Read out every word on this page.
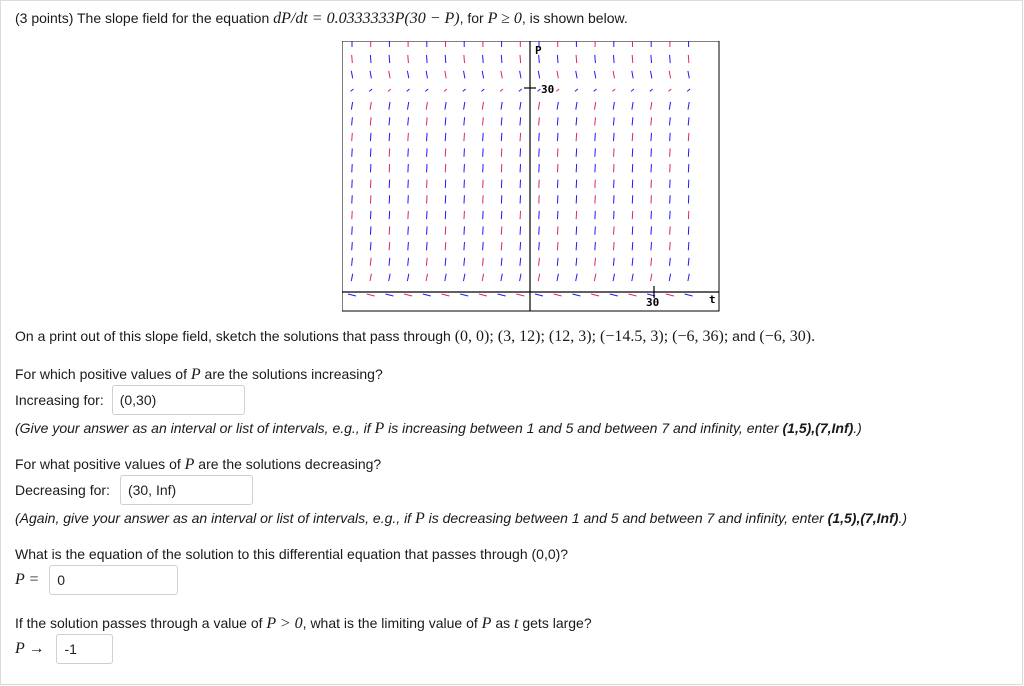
(3 points) The slope field for the equation dP/dt = 0.0333333P(30 − P), for P ≥ 0, is shown below.
P
30
30	t
On a print out of this slope field, sketch the solutions that pass through (0, 0); (3, 12); (12, 3); (−14.5, 3); (−6, 36); and (−6, 30).
For which positive values of P are the solutions increasing?
Increasing for: (0,30)
(Give your answer as an interval or list of intervals, e.g., if P is increasing between 1 and 5 and between 7 and infinity, enter (1,5),(7,Inf).)
For what positive values of P are the solutions decreasing?
Decreasing for: (30, Inf)
(Again, give your answer as an interval or list of intervals, e.g., if P is decreasing between 1 and 5 and between 7 and infinity, enter (1,5),(7,Inf).)
What is the equation of the solution to this differential equation that passes through (0,0)?
P = 0
If the solution passes through a value of P > 0, what is the limiting value of P as t gets large?
P → -1
